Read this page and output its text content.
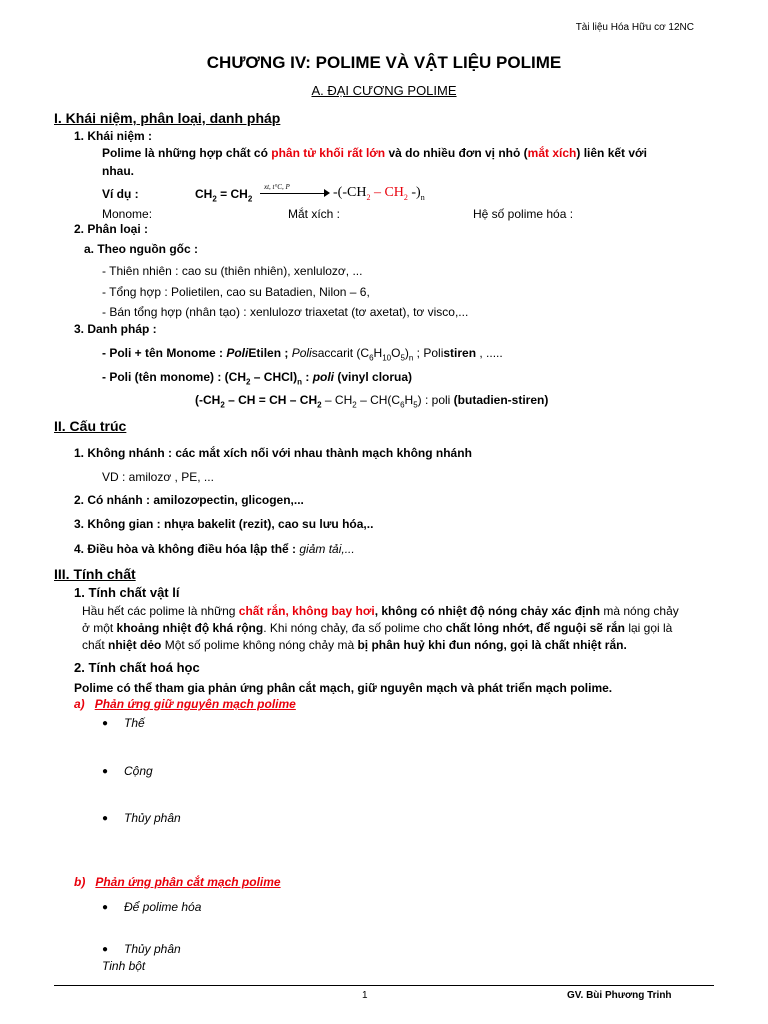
Tài liệu Hóa Hữu cơ 12NC
CHƯƠNG IV: POLIME VÀ VẬT LIỆU POLIME
A. ĐẠI CƯƠNG POLIME
I. Khái niệm, phân loại, danh pháp
1. Khái niệm :
Polime là những hợp chất có phân tử khối rất lớn và do nhiều đơn vị nhỏ (mắt xích) liên kết với
nhau.
Ví dụ :	$CH_2 = CH_2$
xt, t°C, P	$-(-CH_2 - CH_2$ $-)_n$
Monome:	Mắt xích :	Hệ số polime hóa :
2. Phân loại :
a. Theo nguồn gốc :
- Thiên nhiên : cao su (thiên nhiên), xenlulozơ, ...
- Tổng hợp : Polietilen, cao su Batadien, Nilon – 6,
- Bán tổng hợp (nhân tạo) : xenlulozơ triaxetat (tơ axetat), tơ visco,...
3. Danh pháp :
- Poli + tên Monome : PoliEtilen ; Polisaccarit $(C_6H_{10}O_5)_n$ ; Polistiren , .....
- Poli (tên monome) : ($CH_2$ – $CHCl)_n$ : poli (vinyl clorua)
($-CH_2$ – CH = CH – $CH_2 - CH_2 - CH(C_6H_5)$ : poli (butadien-stiren)
II. Cấu trúc
1. Không nhánh : các mắt xích nối với nhau thành mạch không nhánh
VD : amilozơ , PE, ...
2. Có nhánh : amilozơpectin, glicogen,...
3. Không gian : nhựa bakelit (rezit), cao su lưu hóa,..
4. Điều hòa và không điều hóa lập thể : giảm tải,...
III. Tính chất
1. Tính chất vật lí
Hầu hết các polime là những chất rắn, không bay hơi, không có nhiệt độ nóng chảy xác định mà nóng chảy
ở một khoảng nhiệt độ khá rộng. Khi nóng chảy, đa số polime cho chất lỏng nhớt, để nguội sẽ rắn lại gọi là
chất nhiệt dẻo Một số polime không nóng chảy mà bị phân huỷ khi đun nóng, gọi là chất nhiệt rắn.
2. Tính chất hoá học
Polime có thể tham gia phản ứng phân cắt mạch, giữ nguyên mạch và phát triển mạch polime.
a) Phản ứng giữ nguyên mạch polime
● Thế
● Cộng
● Thủy phân
b) Phản ứng phân cắt mạch polime
● Để polime hóa
● Thủy phân
Tinh bột
1	GV. Bùi Phương Trinh
